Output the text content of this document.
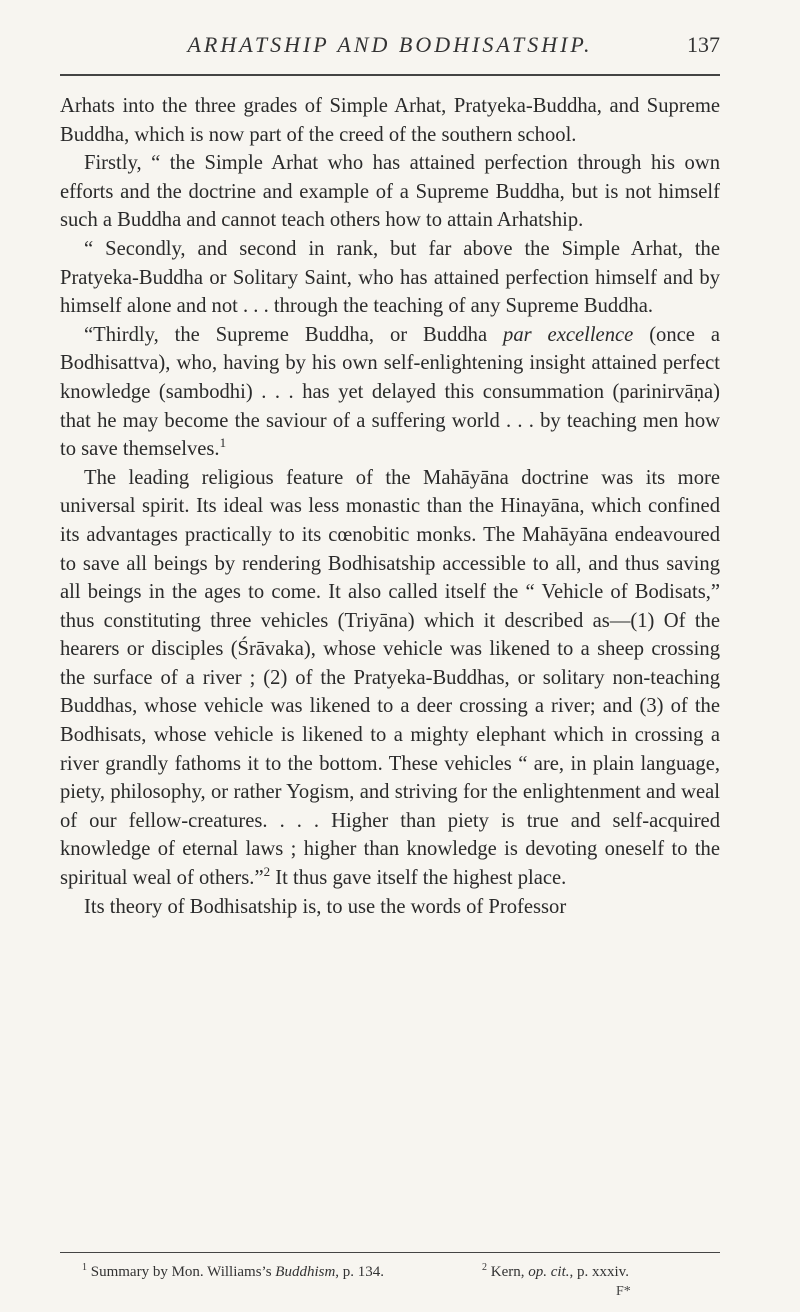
ARHATSHIP AND BODHISATSHIP.	137

Arhats into the three grades of Simple Arhat, Pratyeka-Buddha, and Supreme Buddha, which is now part of the creed of the southern school.

Firstly, “ the Simple Arhat who has attained perfection through his own efforts and the doctrine and example of a Supreme Buddha, but is not himself such a Buddha and cannot teach others how to attain Arhatship.

“ Secondly, and second in rank, but far above the Simple Arhat, the Pratyeka-Buddha or Solitary Saint, who has attained perfection himself and by himself alone and not . . . through the teaching of any Supreme Buddha.

“Thirdly, the Supreme Buddha, or Buddha par excellence (once a Bodhisattva), who, having by his own self-enlightening insight attained perfect knowledge (sambodhi) . . . has yet delayed this consummation (parinirvāṇa) that he may become the saviour of a suffering world . . . by teaching men how to save themselves.$^1$

The leading religious feature of the Mahāyāna doctrine was its more universal spirit. Its ideal was less monastic than the Hinayāna, which confined its advantages practically to its cœnobitic monks. The Mahāyāna endeavoured to save all beings by rendering Bodhisatship accessible to all, and thus saving all beings in the ages to come. It also called itself the “ Vehicle of Bodisats,” thus constituting three vehicles (Triyāna) which it described as—(1) Of the hearers or disciples (Śrāvaka), whose vehicle was likened to a sheep crossing the surface of a river ; (2) of the Pratyeka-Buddhas, or solitary non-teaching Buddhas, whose vehicle was likened to a deer crossing a river; and (3) of the Bodhisats, whose vehicle is likened to a mighty elephant which in crossing a river grandly fathoms it to the bottom. These vehicles “ are, in plain language, piety, philosophy, or rather Yogism, and striving for the enlightenment and weal of our fellow-creatures. . . . Higher than piety is true and self-acquired knowledge of eternal laws ; higher than knowledge is devoting oneself to the spiritual weal of others.”$^2$ It thus gave itself the highest place.

Its theory of Bodhisatship is, to use the words of Professor

$^1$ Summary by Mon. Williams’s Buddhism, p. 134.	$^2$ Kern, op. cit., p. xxxiv.
F*
